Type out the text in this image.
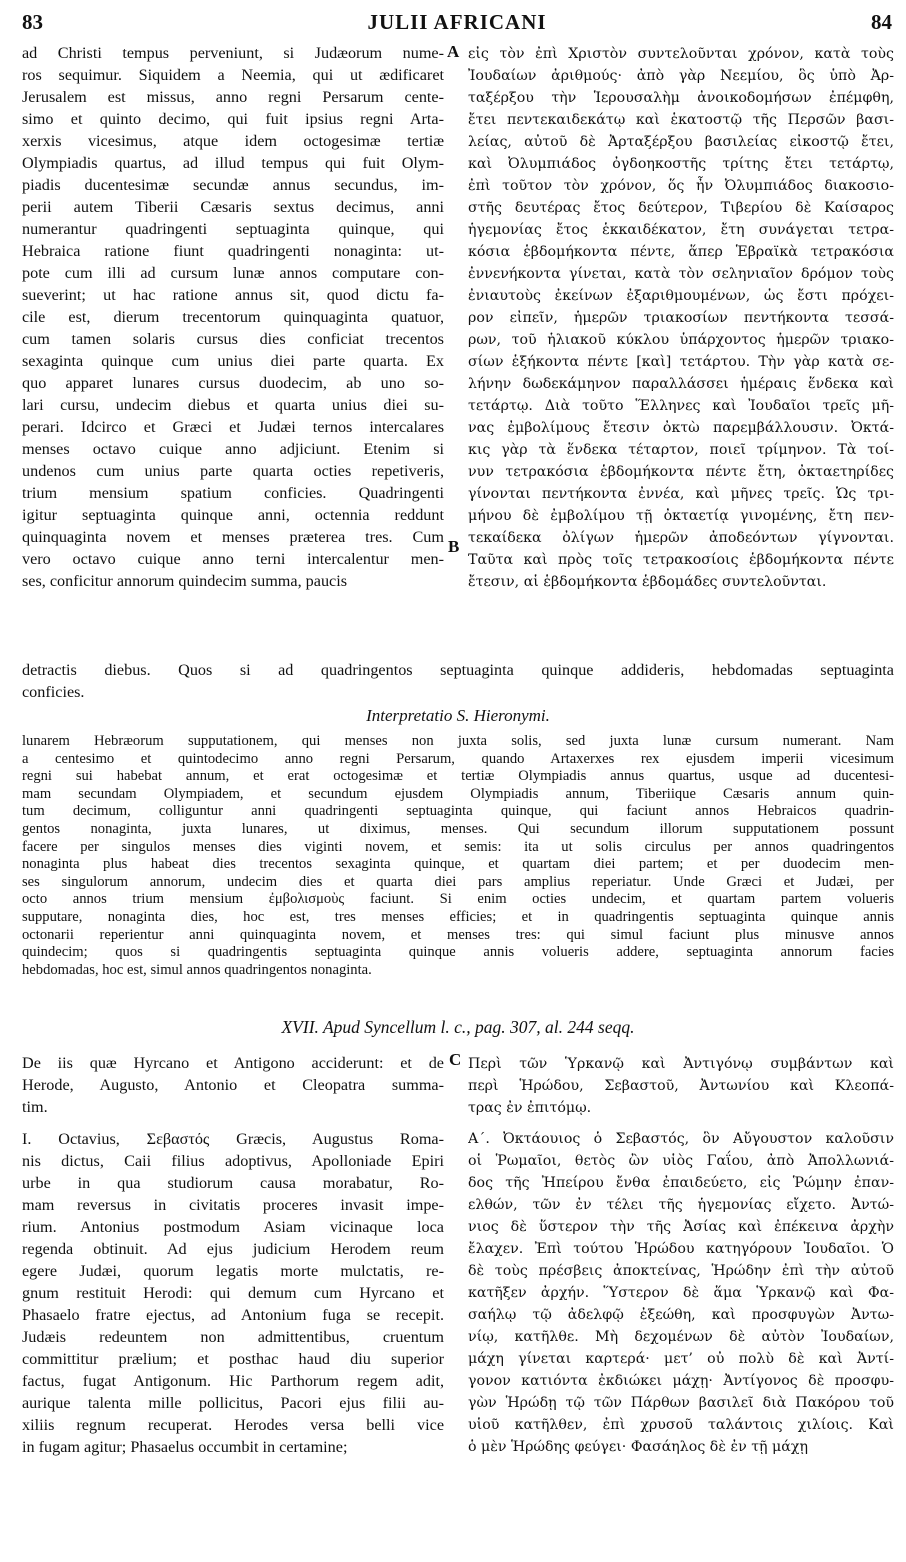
83	JULII AFRICANI	84
ad Christi tempus perveniunt, si Judæorum nume-
ros sequimur. Siquidem a Neemia, qui ut ædificaret
Jerusalem est missus, anno regni Persarum cente-
simo et quinto decimo, qui fuit ipsius regni Arta-
xerxis vicesimus, atque idem octogesimæ tertiæ
Olympiadis quartus, ad illud tempus qui fuit Olym-
piadis ducentesimæ secundæ annus secundus, im-
perii autem Tiberii Cæsaris sextus decimus, anni
numerantur quadringenti septuaginta quinque, qui
Hebraica ratione fiunt quadringenti nonaginta: ut-
pote cum illi ad cursum lunæ annos computare con-
sueverint; ut hac ratione annus sit, quod dictu fa-
cile est, dierum trecentorum quinquaginta quatuor,
cum tamen solaris cursus dies conficiat trecentos
sexaginta quinque cum unius diei parte quarta. Ex
quo apparet lunares cursus duodecim, ab uno so-
lari cursu, undecim diebus et quarta unius diei su-
perari. Idcirco et Græci et Judæi ternos intercalares
menses octavo cuique anno adjiciunt. Etenim si
undenos cum unius parte quarta octies repetiveris,
trium mensium spatium conficies. Quadringenti
igitur septuaginta quinque anni, octennia reddunt
quinquaginta novem et menses præterea tres. Cum
vero octavo cuique anno terni intercalentur men-
ses, conficitur annorum quindecim summa, paucis
A
B
εἰς τὸν ἐπὶ Χριστὸν συντελοῦνται χρόνον, κατὰ τοὺς
Ἰουδαίων ἀριθμούς· ἀπὸ γὰρ Νεεμίου, ὃς ὑπὸ Ἀρ-
ταξέρξου τὴν Ἱερουσαλὴμ ἀνοικοδομήσων ἐπέμφθη,
ἔτει πεντεκαιδεκάτῳ καὶ ἑκατοστῷ τῆς Περσῶν βασι-
λείας, αὐτοῦ δὲ Ἀρταξέρξου βασιλείας εἰκοστῷ ἔτει,
καὶ Ὀλυμπιάδος ὀγδοηκοστῆς τρίτης ἔτει τετάρτῳ,
ἐπὶ τοῦτον τὸν χρόνον, ὅς ἦν Ὀλυμπιάδος διακοσιο-
στῆς δευτέρας ἔτος δεύτερον, Τιβερίου δὲ Καίσαρος
ἡγεμονίας ἔτος ἑκκαιδέκατον, ἔτη συνάγεται τετρα-
κόσια ἑβδομήκοντα πέντε, ἅπερ Ἑβραϊκὰ τετρακόσια
ἐννενήκοντα γίνεται, κατὰ τὸν σεληνιαῖον δρόμον τοὺς
ἐνιαυτοὺς ἐκείνων ἐξαριθμουμένων, ὡς ἔστι πρόχει-
ρον εἰπεῖν, ἡμερῶν τριακοσίων πεντήκοντα τεσσά-
ρων, τοῦ ἡλιακοῦ κύκλου ὑπάρχοντος ἡμερῶν τριακο-
σίων ἑξήκοντα πέντε [καὶ] τετάρτου. Τὴν γὰρ κατὰ σε-
λήνην δωδεκάμηνον παραλλάσσει ἡμέραις ἕνδεκα καὶ
τετάρτῳ. Διὰ τοῦτο Ἕλληνες καὶ Ἰουδαῖοι τρεῖς μῆ-
νας ἐμβολίμους ἔτεσιν ὀκτὼ παρεμβάλλουσιν. Ὀκτά-
κις γὰρ τὰ ἕνδεκα τέταρτον, ποιεῖ τρίμηνον. Τὰ τοί-
νυν τετρακόσια ἑβδομήκοντα πέντε ἔτη, ὀκταετηρίδες
γίνονται πεντήκοντα ἐννέα, καὶ μῆνες τρεῖς. Ὡς τρι-
μήνου δὲ ἐμβολίμου τῇ ὀκταετίᾳ γινομένης, ἔτη πεν-
τεκαίδεκα ὀλίγων ἡμερῶν ἀποδεόντων γίγνονται.
Ταῦτα καὶ πρὸς τοῖς τετρακοσίοις ἑβδομήκοντα πέντε
ἔτεσιν, αἱ ἑβδομήκοντα ἑβδομάδες συντελοῦνται.
detractis diebus. Quos si ad quadringentos septuaginta quinque addideris, hebdomadas septuaginta
conficies.
Interpretatio S. Hieronymi.
lunarem Hebræorum supputationem, qui menses non juxta solis, sed juxta lunæ cursum numerant. Nam
a centesimo et quintodecimo anno regni Persarum, quando Artaxerxes rex ejusdem imperii vicesimum
regni sui habebat annum, et erat octogesimæ et tertiæ Olympiadis annus quartus, usque ad ducentesi-
mam secundam Olympiadem, et secundum ejusdem Olympiadis annum, Tiberiique Cæsaris annum quin-
tum decimum, colliguntur anni quadringenti septuaginta quinque, qui faciunt annos Hebraicos quadrin-
gentos nonaginta, juxta lunares, ut diximus, menses. Qui secundum illorum supputationem possunt
facere per singulos menses dies viginti novem, et semis: ita ut solis circulus per annos quadringentos
nonaginta plus habeat dies trecentos sexaginta quinque, et quartam diei partem; et per duodecim men-
ses singulorum annorum, undecim dies et quarta diei pars amplius reperiatur. Unde Græci et Judæi, per
octo annos trium mensium ἐμβολισμοὺς faciunt. Si enim octies undecim, et quartam partem volueris
supputare, nonaginta dies, hoc est, tres menses efficies; et in quadringentis septuaginta quinque annis
octonarii reperientur anni quinquaginta novem, et menses tres: qui simul faciunt plus minusve annos
quindecim; quos si quadringentis septuaginta quinque annis volueris addere, septuaginta annorum facies
hebdomadas, hoc est, simul annos quadringentos nonaginta.
XVII. Apud Syncellum l. c., pag. 307, al. 244 seqq.
De iis quæ Hyrcano et Antigono acciderunt: et de
Herode, Augusto, Antonio et Cleopatra summa-
tim.
C Περὶ τῶν Ὑρκανῷ καὶ Ἀντιγόνῳ συμβάντων καὶ
περὶ Ἡρώδου, Σεβαστοῦ, Ἀντωνίου καὶ Κλεοπά-
τρας ἐν ἐπιτόμῳ.
I. Octavius, Σεβαστός Græcis, Augustus Roma-
nis dictus, Caii filius adoptivus, Apolloniade Epiri
urbe in qua studiorum causa morabatur, Ro-
mam reversus in civitatis proceres invasit impe-
rium. Antonius postmodum Asiam vicinaque loca
regenda obtinuit. Ad ejus judicium Herodem reum
egere Judæi, quorum legatis morte mulctatis, re-
gnum restituit Herodi: qui demum cum Hyrcano et
Phasaelo fratre ejectus, ad Antonium fuga se recepit.
Judæis redeuntem non admittentibus, cruentum
committitur prælium; et posthac haud diu superior
factus, fugat Antigonum. Hic Parthorum regem adit,
aurique talenta mille pollicitus, Pacori ejus filii au-
xiliis regnum recuperat. Herodes versa belli vice
in fugam agitur; Phasaelus occumbit in certamine;
Α΄. Ὀκτάουιος ὁ Σεβαστός, ὃν Αὔγουστον καλοῦσιν
οἱ Ῥωμαῖοι, θετὸς ὢν υἱὸς Γαΐου, ἀπὸ Ἀπολλωνιά-
δος τῆς Ἠπείρου ἔνθα ἐπαιδεύετο, εἰς Ῥώμην ἐπαν-
ελθών, τῶν ἐν τέλει τῆς ἡγεμονίας εἴχετο. Ἀντώ-
νιος δὲ ὕστερον τὴν τῆς Ἀσίας καὶ ἐπέκεινα ἀρχὴν
ἔλαχεν. Ἐπὶ τούτου Ἡρώδου κατηγόρουν Ἰουδαῖοι. Ὁ
δὲ τοὺς πρέσβεις ἀποκτείνας, Ἡρώδην ἐπὶ τὴν αὐτοῦ
κατῆξεν ἀρχήν. Ὕστερον δὲ ἅμα Ὑρκανῷ καὶ Φα-
σαήλῳ τῷ ἀδελφῷ ἐξεώθη, καὶ προσφυγὼν Ἀντω-
νίῳ, κατῆλθε. Μὴ δεχομένων δὲ αὐτὸν Ἰουδαίων,
μάχη γίνεται καρτερά· μετ’ οὐ πολὺ δὲ καὶ Ἀντί-
γονον κατιόντα ἐκδιώκει μάχῃ· Ἀντίγονος δὲ προσφυ-
γὼν Ἡρώδῃ τῷ τῶν Πάρθων βασιλεῖ διὰ Πακόρου τοῦ
υἱοῦ κατῆλθεν, ἐπὶ χρυσοῦ ταλάντοις χιλίοις. Καὶ
ὁ μὲν Ἡρώδης φεύγει· Φασάηλος δὲ ἐν τῇ μάχῃ
